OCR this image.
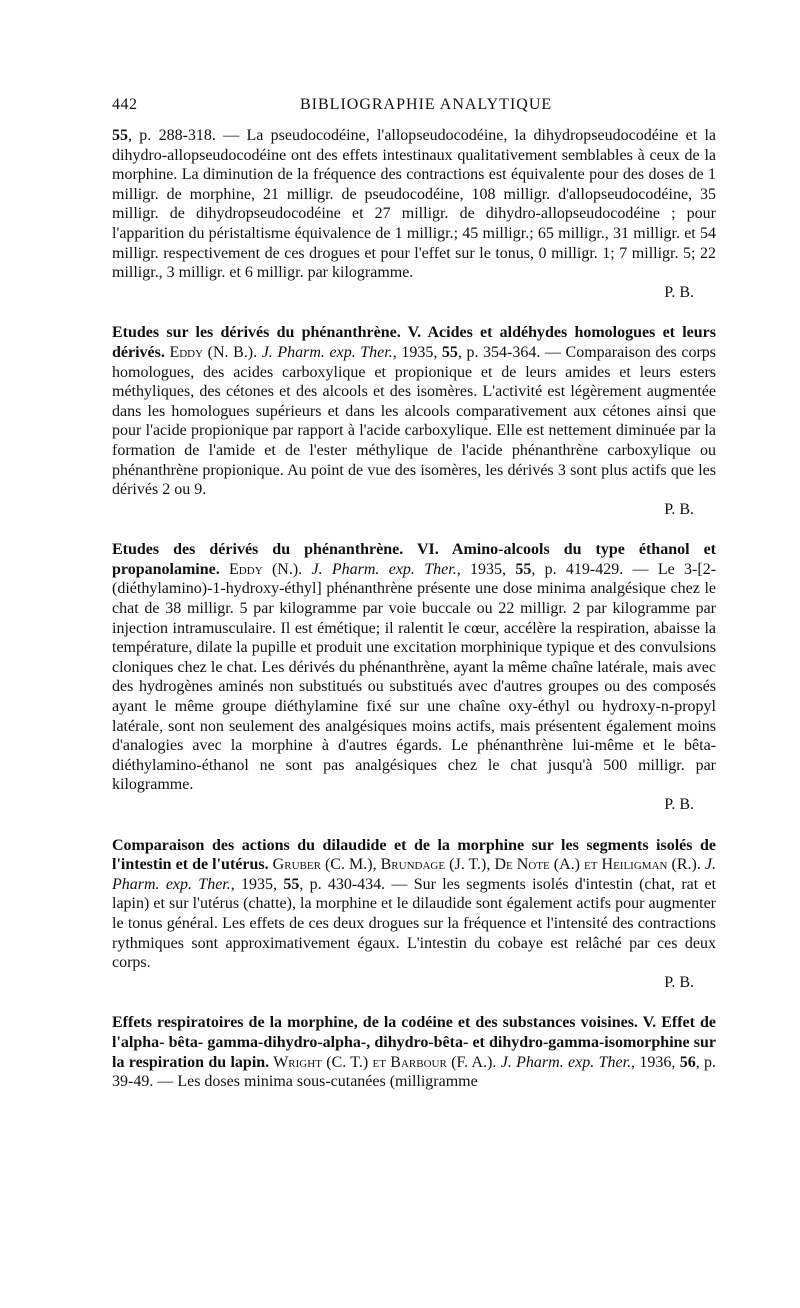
442	BIBLIOGRAPHIE ANALYTIQUE

55, p. 288-318. — La pseudocodéine, l'allopseudocodéine, la dihydropseudocodéine et la dihydro-allopseudocodéine ont des effets intestinaux qualitativement semblables à ceux de la morphine. La diminution de la fréquence des contractions est équivalente pour des doses de 1 milligr. de morphine, 21 milligr. de pseudocodéine, 108 milligr. d'allopseudocodéine, 35 milligr. de dihydropseudocodéine et 27 milligr. de dihydro-allopseudocodéine ; pour l'apparition du péristaltisme équivalence de 1 milligr.; 45 milligr.; 65 milligr., 31 milligr. et 54 milligr. respectivement de ces drogues et pour l'effet sur le tonus, 0 milligr. 1; 7 milligr. 5; 22 milligr., 3 milligr. et 6 milligr. par kilogramme.

P. B.

Etudes sur les dérivés du phénanthrène. V. Acides et aldéhydes homologues et leurs dérivés. Eddy (N. B.). J. Pharm. exp. Ther., 1935, 55, p. 354-364. — Comparaison des corps homologues, des acides carboxylique et propionique et de leurs amides et leurs esters méthyliques, des cétones et des alcools et des isomères. L'activité est légèrement augmentée dans les homologues supérieurs et dans les alcools comparativement aux cétones ainsi que pour l'acide propionique par rapport à l'acide carboxylique. Elle est nettement diminuée par la formation de l'amide et de l'ester méthylique de l'acide phénanthrène carboxylique ou phénanthrène propionique. Au point de vue des isomères, les dérivés 3 sont plus actifs que les dérivés 2 ou 9.

P. B.

Etudes des dérivés du phénanthrène. VI. Amino-alcools du type éthanol et propanolamine. Eddy (N.). J. Pharm. exp. Ther., 1935, 55, p. 419-429. — Le 3-[2-(diéthylamino)-1-hydroxy-éthyl] phénanthrène présente une dose minima analgésique chez le chat de 38 milligr. 5 par kilogramme par voie buccale ou 22 milligr. 2 par kilogramme par injection intramusculaire. Il est émétique; il ralentit le cœur, accélère la respiration, abaisse la température, dilate la pupille et produit une excitation morphinique typique et des convulsions cloniques chez le chat. Les dérivés du phénanthrène, ayant la même chaîne latérale, mais avec des hydrogènes aminés non substitués ou substitués avec d'autres groupes ou des composés ayant le même groupe diéthylamine fixé sur une chaîne oxy-éthyl ou hydroxy-n-propyl latérale, sont non seulement des analgésiques moins actifs, mais présentent également moins d'analogies avec la morphine à d'autres égards. Le phénanthrène lui-même et le bêta-diéthylamino-éthanol ne sont pas analgésiques chez le chat jusqu'à 500 milligr. par kilogramme.

P. B.

Comparaison des actions du dilaudide et de la morphine sur les segments isolés de l'intestin et de l'utérus. Gruber (C. M.), Brundage (J. T.), De Note (A.) et Heiligman (R.). J. Pharm. exp. Ther., 1935, 55, p. 430-434. — Sur les segments isolés d'intestin (chat, rat et lapin) et sur l'utérus (chatte), la morphine et le dilaudide sont également actifs pour augmenter le tonus général. Les effets de ces deux drogues sur la fréquence et l'intensité des contractions rythmiques sont approximativement égaux. L'intestin du cobaye est relâché par ces deux corps.

P. B.

Effets respiratoires de la morphine, de la codéine et des substances voisines. V. Effet de l'alpha- bêta- gamma-dihydro-alpha-, dihydro-bêta- et dihydro-gamma-isomorphine sur la respiration du lapin. Wright (C. T.) et Barbour (F. A.). J. Pharm. exp. Ther., 1936, 56, p. 39-49. — Les doses minima sous-cutanées (milligramme
